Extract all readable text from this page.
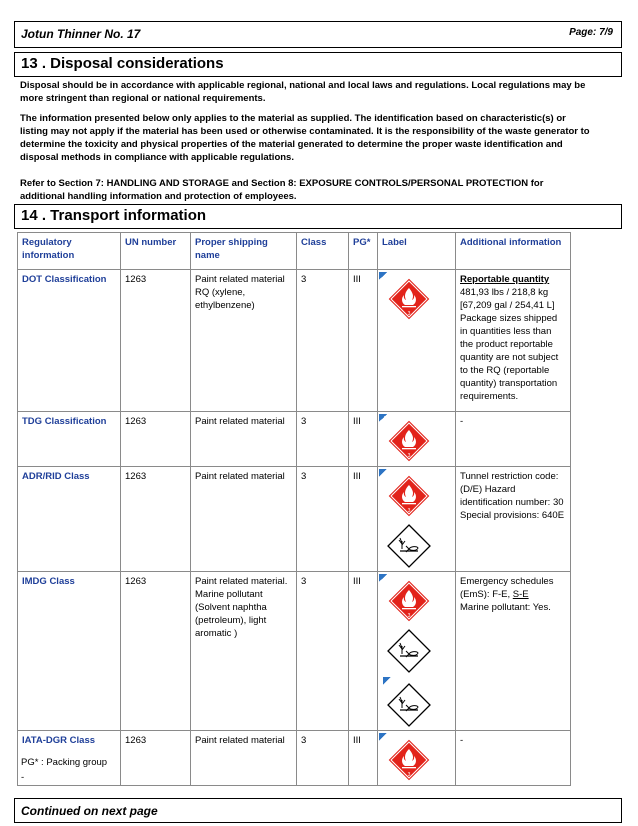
Jotun Thinner No. 17	Page: 7/9
13 . Disposal considerations
Disposal should be in accordance with applicable regional, national and local laws and regulations. Local regulations may be more stringent than regional or national requirements.
The information presented below only applies to the material as supplied. The identification based on characteristic(s) or listing may not apply if the material has been used or otherwise contaminated. It is the responsibility of the waste generator to determine the toxicity and physical properties of the material generated to determine the proper waste identification and disposal methods in compliance with applicable regulations.
Refer to Section 7: HANDLING AND STORAGE and Section 8: EXPOSURE CONTROLS/PERSONAL PROTECTION for additional handling information and protection of employees.
14 . Transport information
Regulatory information	UN number	Proper shipping name	Class	PG*	Label	Additional information
DOT Classification	1263	Paint related material RQ (xylene, ethylbenzene)	3	III		Reportable quantity
481,93 lbs / 218,8 kg [67,209 gal / 254,41 L] Package sizes shipped in quantities less than the product reportable quantity are not subject to the RQ (reportable quantity) transportation requirements.

TDG Classification	1263	Paint related material	3	III		-
ADR/RID Class	1263	Paint related material	3	III		Tunnel restriction code: (D/E) Hazard identification number: 30 Special provisions: 640E
IMDG Class	1263	Paint related material. Marine pollutant (Solvent naphtha (petroleum), light aromatic )	3	III		Emergency schedules (EmS): F-E, S-E
Marine pollutant: Yes.

IATA-DGR Class	1263	Paint related material	3	III		-
PG* : Packing group
-
Continued on next page
